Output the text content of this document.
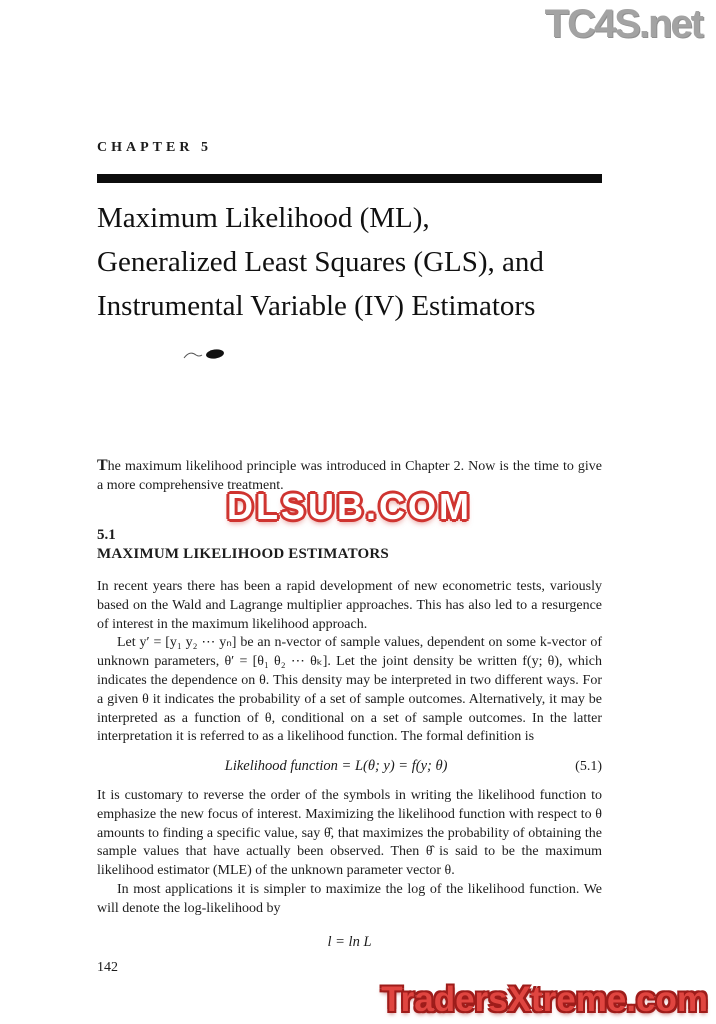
TC4S.net
CHAPTER 5
Maximum Likelihood (ML),
Generalized Least Squares (GLS), and
Instrumental Variable (IV) Estimators

The maximum likelihood principle was introduced in Chapter 2. Now is the time to give a more comprehensive treatment.

DLSUB.COM
5.1
MAXIMUM LIKELIHOOD ESTIMATORS

In recent years there has been a rapid development of new econometric tests, variously based on the Wald and Lagrange multiplier approaches. This has also led to a resurgence of interest in the maximum likelihood approach.

Let y′ = [y₁ y₂ ⋯ yₙ] be an n-vector of sample values, dependent on some k-vector of unknown parameters, θ′ = [θ₁ θ₂ ⋯ θₖ]. Let the joint density be written f(y; θ), which indicates the dependence on θ. This density may be interpreted in two different ways. For a given θ it indicates the probability of a set of sample outcomes. Alternatively, it may be interpreted as a function of θ, conditional on a set of sample outcomes. In the latter interpretation it is referred to as a likelihood function. The formal definition is

Likelihood function = L(θ; y) = f(y; θ)	(5.1)

It is customary to reverse the order of the symbols in writing the likelihood function to emphasize the new focus of interest. Maximizing the likelihood function with respect to θ amounts to finding a specific value, say θ̂, that maximizes the probability of obtaining the sample values that have actually been observed. Then θ̂ is said to be the maximum likelihood estimator (MLE) of the unknown parameter vector θ.

In most applications it is simpler to maximize the log of the likelihood function. We will denote the log-likelihood by

l = ln L
142
TradersXtreme.com
